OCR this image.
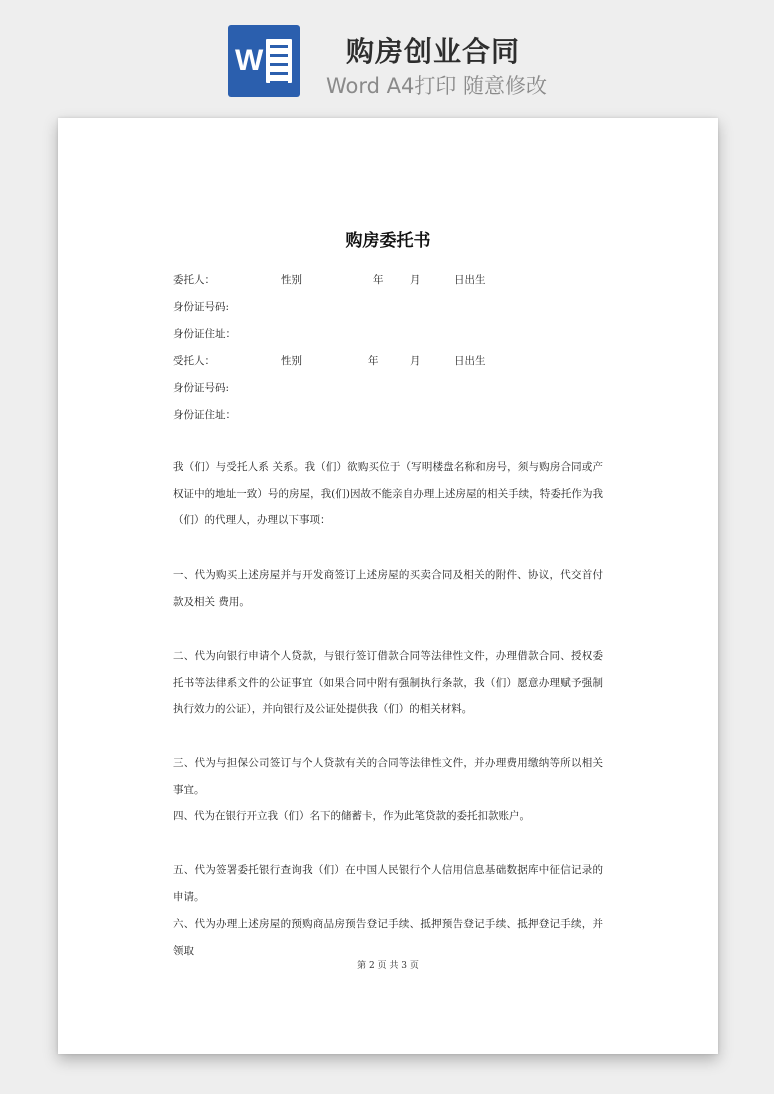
W	购房创业合同
Word A4打印 随意修改
购房委托书
委托人：	性别	年	月	日出生
身份证号码:
身份证住址：
受托人：	性别	年	月	日出生
身份证号码:
身份证住址：
我（们）与受托人系 关系。我（们）欲购买位于（写明楼盘名称和房号，须与购房合同或产权证中的地址一致）号的房屋，我(们)因故不能亲自办理上述房屋的相关手续，特委托作为我（们）的代理人，办理以下事项：
一、代为购买上述房屋并与开发商签订上述房屋的买卖合同及相关的附件、协议，代交首付款及相关 费用。
二、代为向银行申请个人贷款，与银行签订借款合同等法律性文件，办理借款合同、授权委托书等法律系文件的公证事宜（如果合同中附有强制执行条款，我（们）愿意办理赋予强制执行效力的公证），并向银行及公证处提供我（们）的相关材料。
三、代为与担保公司签订与个人贷款有关的合同等法律性文件，并办理费用缴纳等所以相关事宜。
四、代为在银行开立我（们）名下的储蓄卡，作为此笔贷款的委托扣款账户。
五、代为签署委托银行查询我（们）在中国人民银行个人信用信息基础数据库中征信记录的申请。
六、代为办理上述房屋的预购商品房预告登记手续、抵押预告登记手续、抵押登记手续，并领取
第 2 页 共 3 页
